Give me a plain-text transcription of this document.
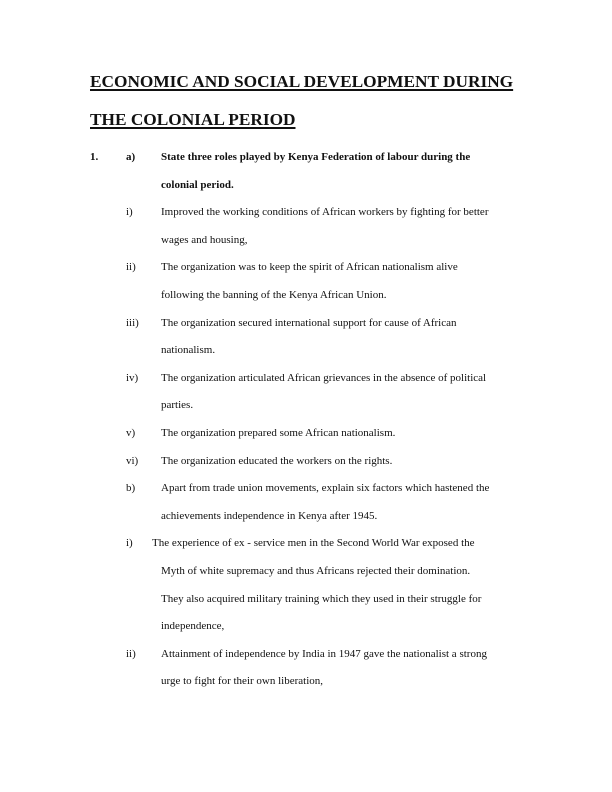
ECONOMIC AND SOCIAL DEVELOPMENT DURING
THE COLONIAL PERIOD
1.	a) State three roles played by Kenya Federation of labour during the
colonial period.
i)	Improved the working conditions of African workers by fighting for better
wages and housing,
ii) The organization was to keep the spirit of African nationalism alive
following the banning of the Kenya African Union.
iii) The organization secured international support for cause of African
nationalism.
iv) The organization articulated African grievances in the absence of political
parties.
v) The organization prepared some African nationalism.
vi) The organization educated the workers on the rights.
b) Apart from trade union movements, explain six factors which hastened the
achievements independence in Kenya after 1945.
i) The experience of ex - service men in the Second World War exposed the
Myth of white supremacy and thus Africans rejected their domination.
They also acquired military training which they used in their struggle for
independence,
ii) Attainment of independence by India in 1947 gave the nationalist a strong
urge to fight for their own liberation,
